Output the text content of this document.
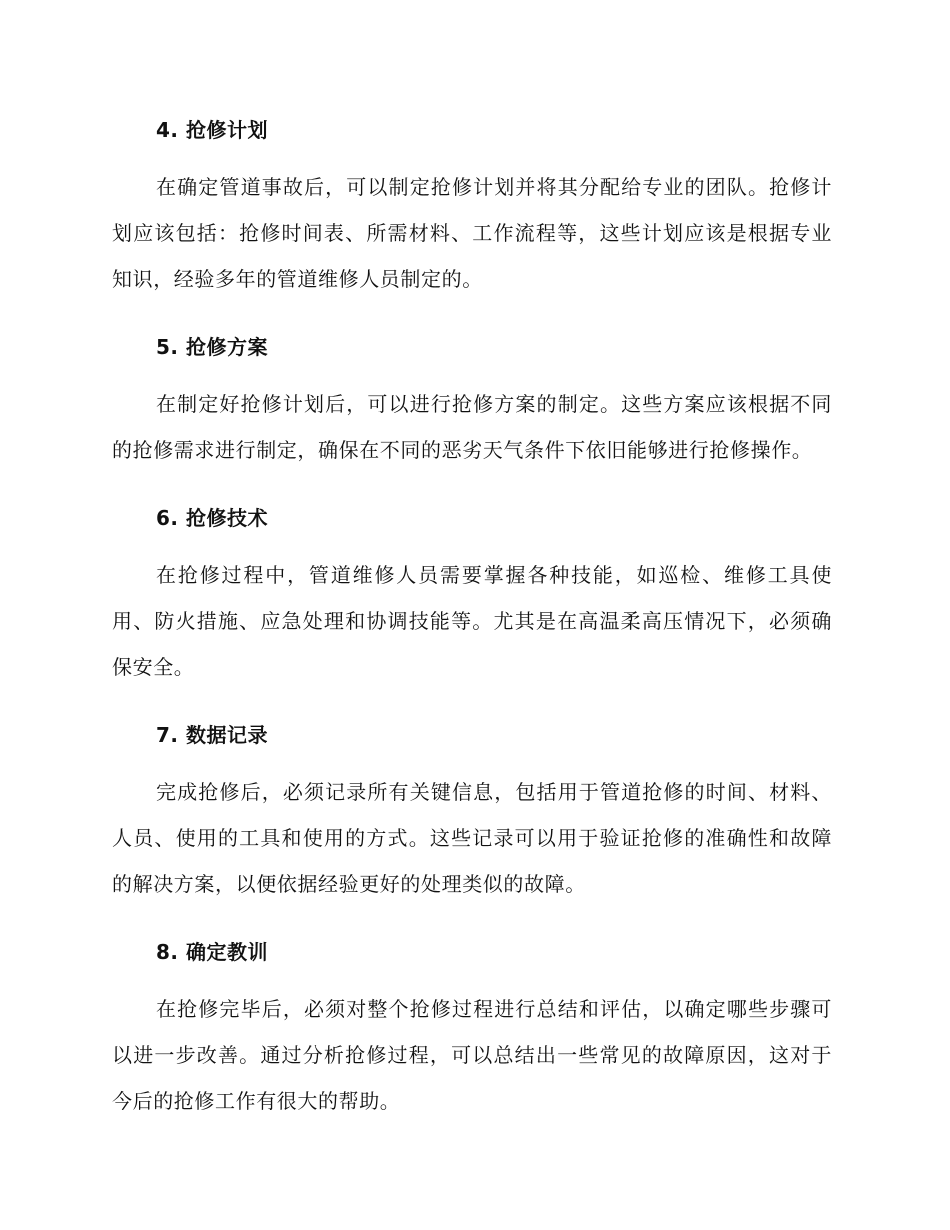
4. 抢修计划

在确定管道事故后，可以制定抢修计划并将其分配给专业的团队。抢修计划应该包括：抢修时间表、所需材料、工作流程等，这些计划应该是根据专业知识，经验多年的管道维修人员制定的。

5. 抢修方案

在制定好抢修计划后，可以进行抢修方案的制定。这些方案应该根据不同的抢修需求进行制定，确保在不同的恶劣天气条件下依旧能够进行抢修操作。

6. 抢修技术

在抢修过程中，管道维修人员需要掌握各种技能，如巡检、维修工具使用、防火措施、应急处理和协调技能等。尤其是在高温柔高压情况下，必须确保安全。

7. 数据记录

完成抢修后，必须记录所有关键信息，包括用于管道抢修的时间、材料、人员、使用的工具和使用的方式。这些记录可以用于验证抢修的准确性和故障的解决方案，以便依据经验更好的处理类似的故障。

8. 确定教训

在抢修完毕后，必须对整个抢修过程进行总结和评估，以确定哪些步骤可以进一步改善。通过分析抢修过程，可以总结出一些常见的故障原因，这对于今后的抢修工作有很大的帮助。
